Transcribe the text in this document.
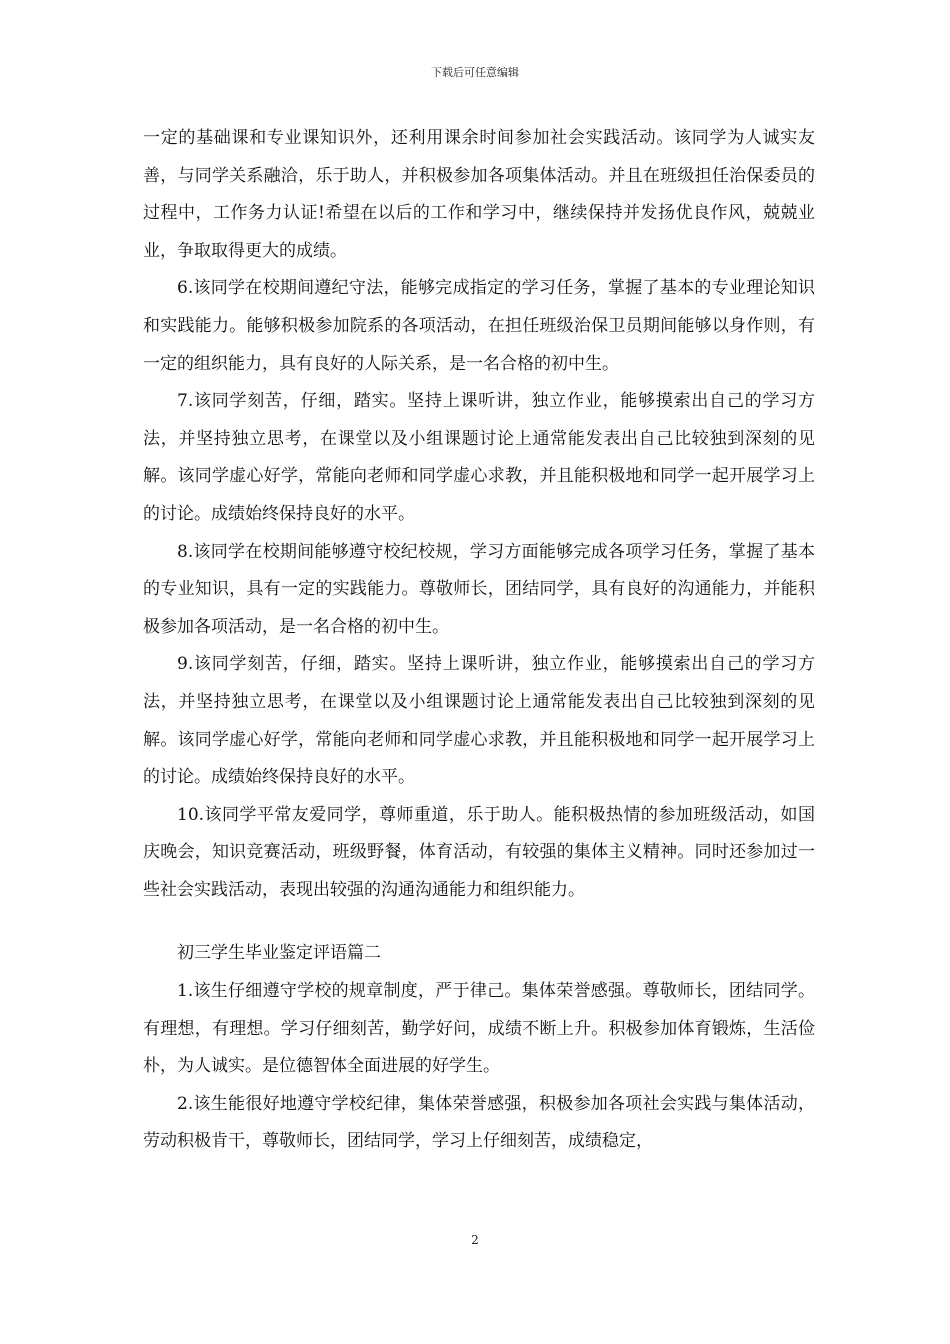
下载后可任意编辑

一定的基础课和专业课知识外，还利用课余时间参加社会实践活动。该同学为人诚实友善，与同学关系融洽，乐于助人，并积极参加各项集体活动。并且在班级担任治保委员的过程中，工作务力认证!希望在以后的工作和学习中，继续保持并发扬优良作风，兢兢业业，争取取得更大的成绩。

6.该同学在校期间遵纪守法，能够完成指定的学习任务，掌握了基本的专业理论知识和实践能力。能够积极参加院系的各项活动，在担任班级治保卫员期间能够以身作则，有一定的组织能力，具有良好的人际关系，是一名合格的初中生。

7.该同学刻苦，仔细，踏实。坚持上课听讲，独立作业，能够摸索出自己的学习方法，并坚持独立思考，在课堂以及小组课题讨论上通常能发表出自己比较独到深刻的见解。该同学虚心好学，常能向老师和同学虚心求教，并且能积极地和同学一起开展学习上的讨论。成绩始终保持良好的水平。

8.该同学在校期间能够遵守校纪校规，学习方面能够完成各项学习任务，掌握了基本的专业知识，具有一定的实践能力。尊敬师长，团结同学，具有良好的沟通能力，并能积极参加各项活动，是一名合格的初中生。

9.该同学刻苦，仔细，踏实。坚持上课听讲，独立作业，能够摸索出自己的学习方法，并坚持独立思考，在课堂以及小组课题讨论上通常能发表出自己比较独到深刻的见解。该同学虚心好学，常能向老师和同学虚心求教，并且能积极地和同学一起开展学习上的讨论。成绩始终保持良好的水平。

10.该同学平常友爱同学，尊师重道，乐于助人。能积极热情的参加班级活动，如国庆晚会，知识竞赛活动，班级野餐，体育活动，有较强的集体主义精神。同时还参加过一些社会实践活动，表现出较强的沟通沟通能力和组织能力。

初三学生毕业鉴定评语篇二

1.该生仔细遵守学校的规章制度，严于律己。集体荣誉感强。尊敬师长，团结同学。有理想，有理想。学习仔细刻苦，勤学好问，成绩不断上升。积极参加体育锻炼，生活俭朴，为人诚实。是位德智体全面进展的好学生。

2.该生能很好地遵守学校纪律，集体荣誉感强，积极参加各项社会实践与集体活动，劳动积极肯干，尊敬师长，团结同学，学习上仔细刻苦，成绩稳定，

2
